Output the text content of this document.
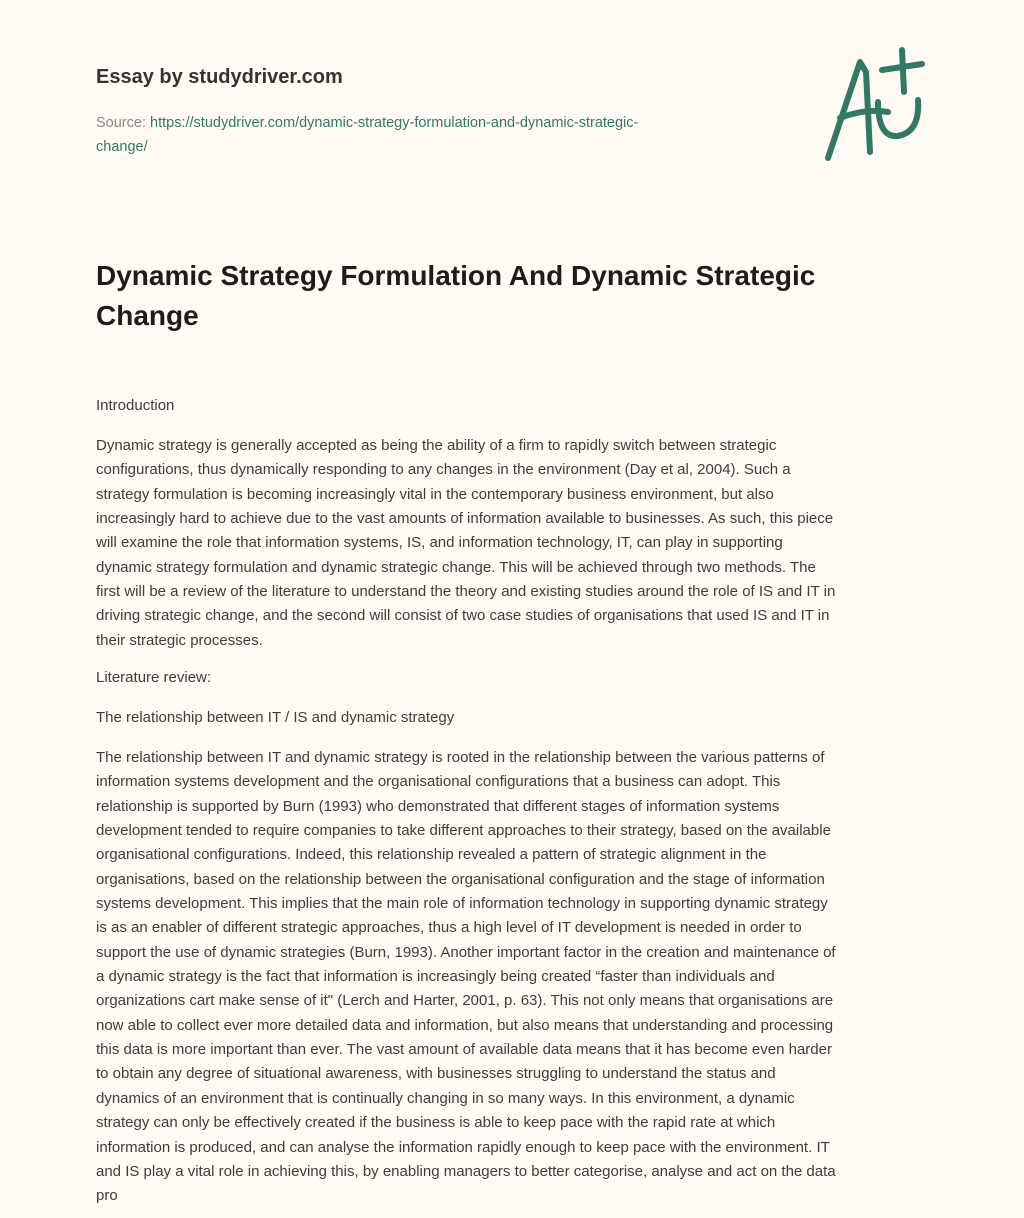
Essay by studydriver.com
Source: https://studydriver.com/dynamic-strategy-formulation-and-dynamic-strategic-
change/
Dynamic Strategy Formulation And Dynamic Strategic Change
Introduction
Dynamic strategy is generally accepted as being the ability of a firm to rapidly switch between strategic
configurations, thus dynamically responding to any changes in the environment (Day et al, 2004). Such a
strategy formulation is becoming increasingly vital in the contemporary business environment, but also
increasingly hard to achieve due to the vast amounts of information available to businesses. As such, this piece
will examine the role that information systems, IS, and information technology, IT, can play in supporting
dynamic strategy formulation and dynamic strategic change. This will be achieved through two methods. The
first will be a review of the literature to understand the theory and existing studies around the role of IS and IT in
driving strategic change, and the second will consist of two case studies of organisations that used IS and IT in
their strategic processes.
Literature review:
The relationship between IT / IS and dynamic strategy
The relationship between IT and dynamic strategy is rooted in the relationship between the various patterns of
information systems development and the organisational configurations that a business can adopt. This
relationship is supported by Burn (1993) who demonstrated that different stages of information systems
development tended to require companies to take different approaches to their strategy, based on the available
organisational configurations. Indeed, this relationship revealed a pattern of strategic alignment in the
organisations, based on the relationship between the organisational configuration and the stage of information
systems development. This implies that the main role of information technology in supporting dynamic strategy
is as an enabler of different strategic approaches, thus a high level of IT development is needed in order to
support the use of dynamic strategies (Burn, 1993). Another important factor in the creation and maintenance of
a dynamic strategy is the fact that information is increasingly being created “faster than individuals and
organizations cart make sense of it" (Lerch and Harter, 2001, p. 63). This not only means that organisations are
now able to collect ever more detailed data and information, but also means that understanding and processing
this data is more important than ever. The vast amount of available data means that it has become even harder
to obtain any degree of situational awareness, with businesses struggling to understand the status and
dynamics of an environment that is continually changing in so many ways. In this environment, a dynamic
strategy can only be effectively created if the business is able to keep pace with the rapid rate at which
information is produced, and can analyse the information rapidly enough to keep pace with the environment. IT
and IS play a vital role in achieving this, by enabling managers to better categorise, analyse and act on the data
pro
